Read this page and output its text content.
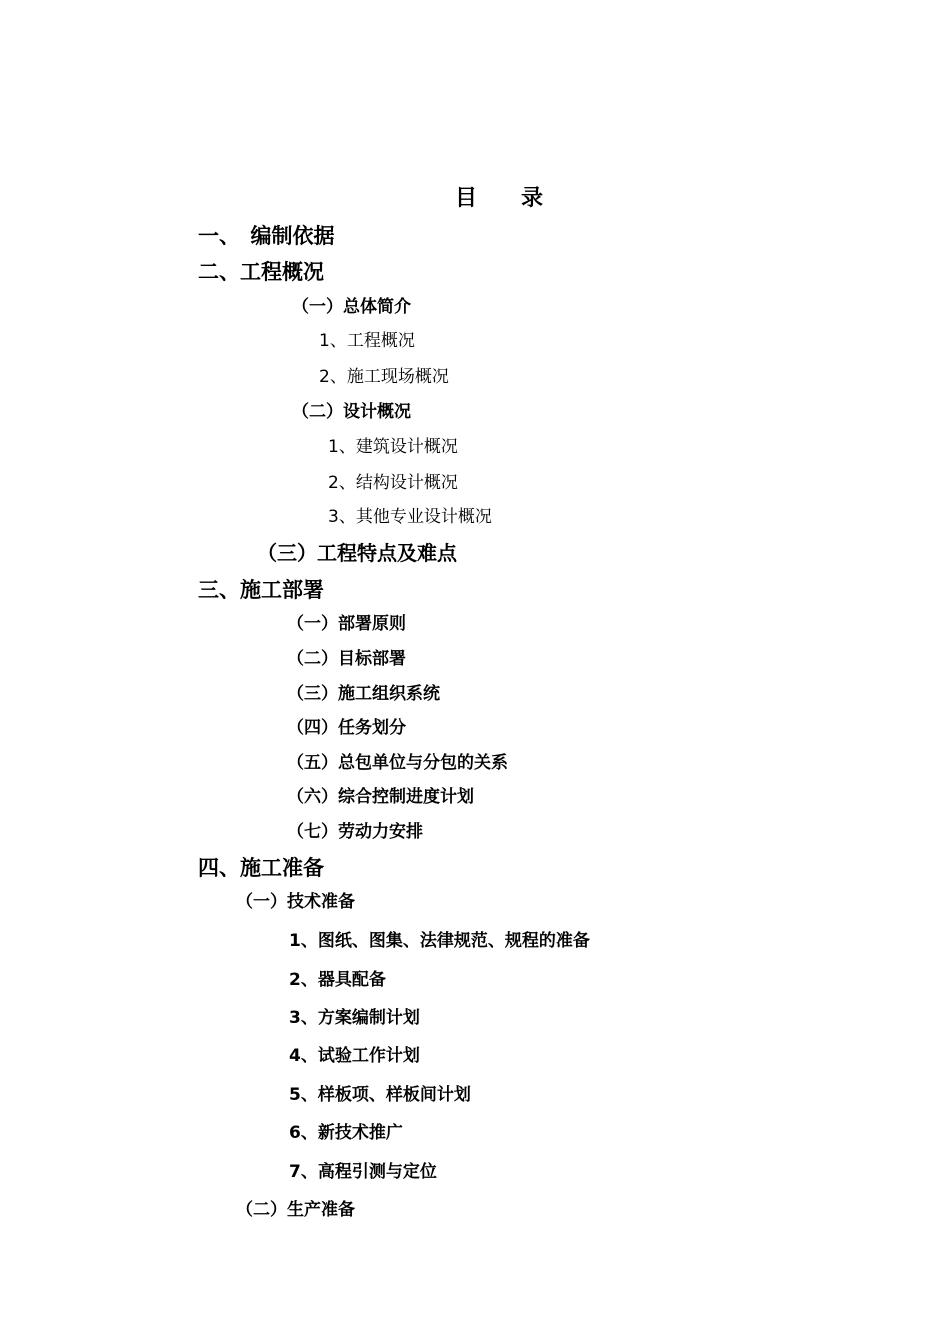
目　　录
一、　编制依据
二、工程概况
（一）总体简介
1、工程概况
2、施工现场概况
（二）设计概况
1、建筑设计概况
2、结构设计概况
3、其他专业设计概况
（三）工程特点及难点
三、施工部署
（一）部署原则
（二）目标部署
（三）施工组织系统
（四）任务划分
（五）总包单位与分包的关系
（六）综合控制进度计划
（七）劳动力安排
四、施工准备
（一）技术准备
1、图纸、图集、法律规范、规程的准备
2、器具配备
3、方案编制计划
4、试验工作计划
5、样板项、样板间计划
6、新技术推广
7、高程引测与定位
（二）生产准备
